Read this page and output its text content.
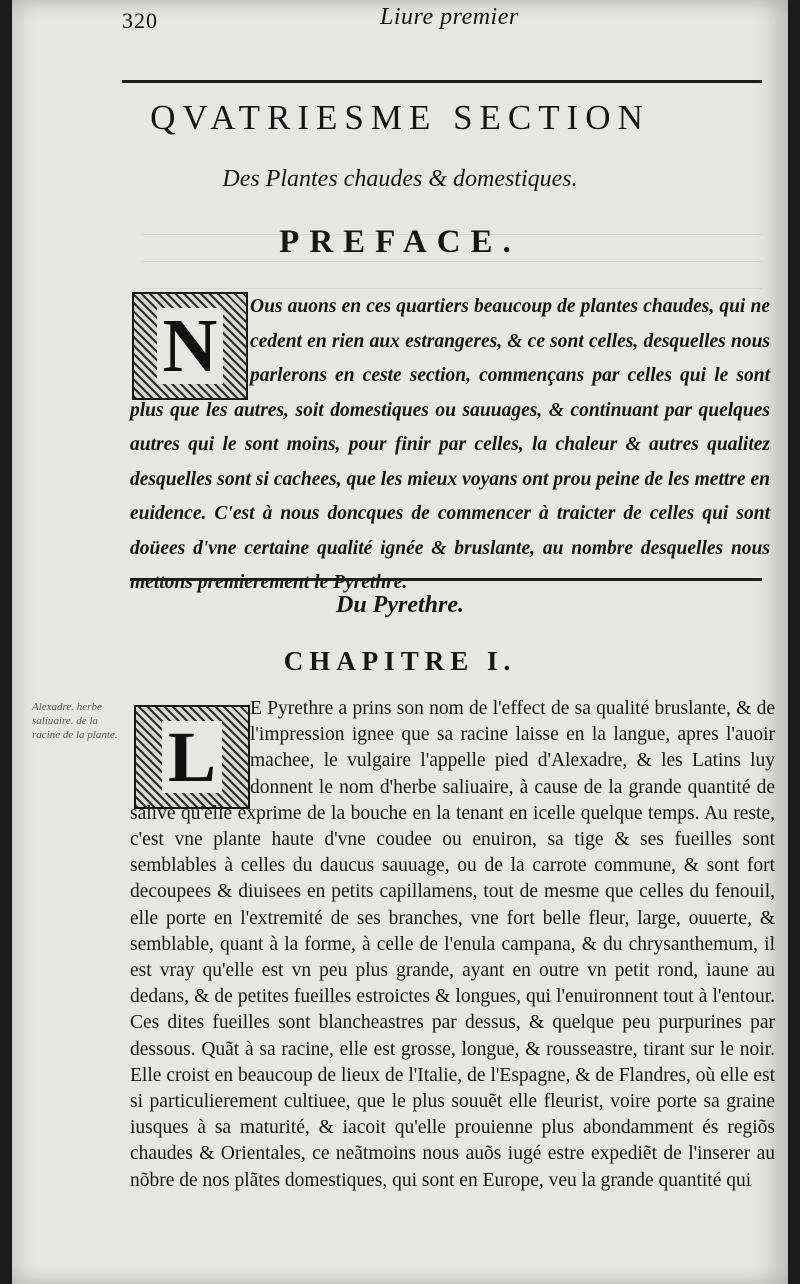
320	Liure premier
QVATRIESME SECTION
Des Plantes chaudes & domestiques.
PREFACE.
N	Ous auons en ces quartiers beaucoup de plantes chaudes, qui ne cedent en rien aux estrangeres, & ce sont celles, desquelles nous parlerons en ceste section, commençans par celles qui le sont plus que les autres, soit domestiques ou sauuages, & continuant par quelques autres qui le sont moins, pour finir par celles, la chaleur & autres qualitez desquelles sont si cachees, que les mieux voyans ont prou peine de les mettre en euidence. C'est à nous doncques de commencer à traicter de celles qui sont doüees d'vne certaine qualité ignée & bruslante, au nombre desquelles nous mettons premierement le Pyrethre.
Du Pyrethre.
CHAPITRE I.
L
Alexadre. herbe saliuaire. de la racine de la plante.
E Pyrethre a prins son nom de l'effect de sa qualité bruslante, & de l'impression ignee que sa racine laisse en la langue, apres l'auoir machee, le vulgaire l'appelle pied d'Alexadre, & les Latins luy donnent le nom d'herbe saliuaire, à cause de la grande quantité de salive qu'elle exprime de la bouche en la tenant en icelle quelque temps. Au reste, c'est vne plante haute d'vne coudee ou enuiron, sa tige & ses fueilles sont semblables à celles du daucus sauuage, ou de la carrote commune, & sont fort decoupees & diuisees en petits capillamens, tout de mesme que celles du fenouil, elle porte en l'extremité de ses branches, vne fort belle fleur, large, ouuerte, & semblable, quant à la forme, à celle de l'enula campana, & du chrysanthemum, il est vray qu'elle est vn peu plus grande, ayant en outre vn petit rond, iaune au dedans, & de petites fueilles estroictes & longues, qui l'enuironnent tout à l'entour. Ces dites fueilles sont blancheastres par dessus, & quelque peu purpurines par dessous. Quãt à sa racine, elle est grosse, longue, & rousseastre, tirant sur le noir. Elle croist en beaucoup de lieux de l'Italie, de l'Espagne, & de Flandres, où elle est si particulierement cultiuee, que le plus souuẽt elle fleurist, voire porte sa graine iusques à sa maturité, & iacoit qu'elle prouienne plus abondamment és regiõs chaudes & Orientales, ce neãtmoins nous auõs iugé estre expediẽt de l'inserer au nõbre de nos plãtes domestiques, qui sont en Europe, veu la grande quantité qui
